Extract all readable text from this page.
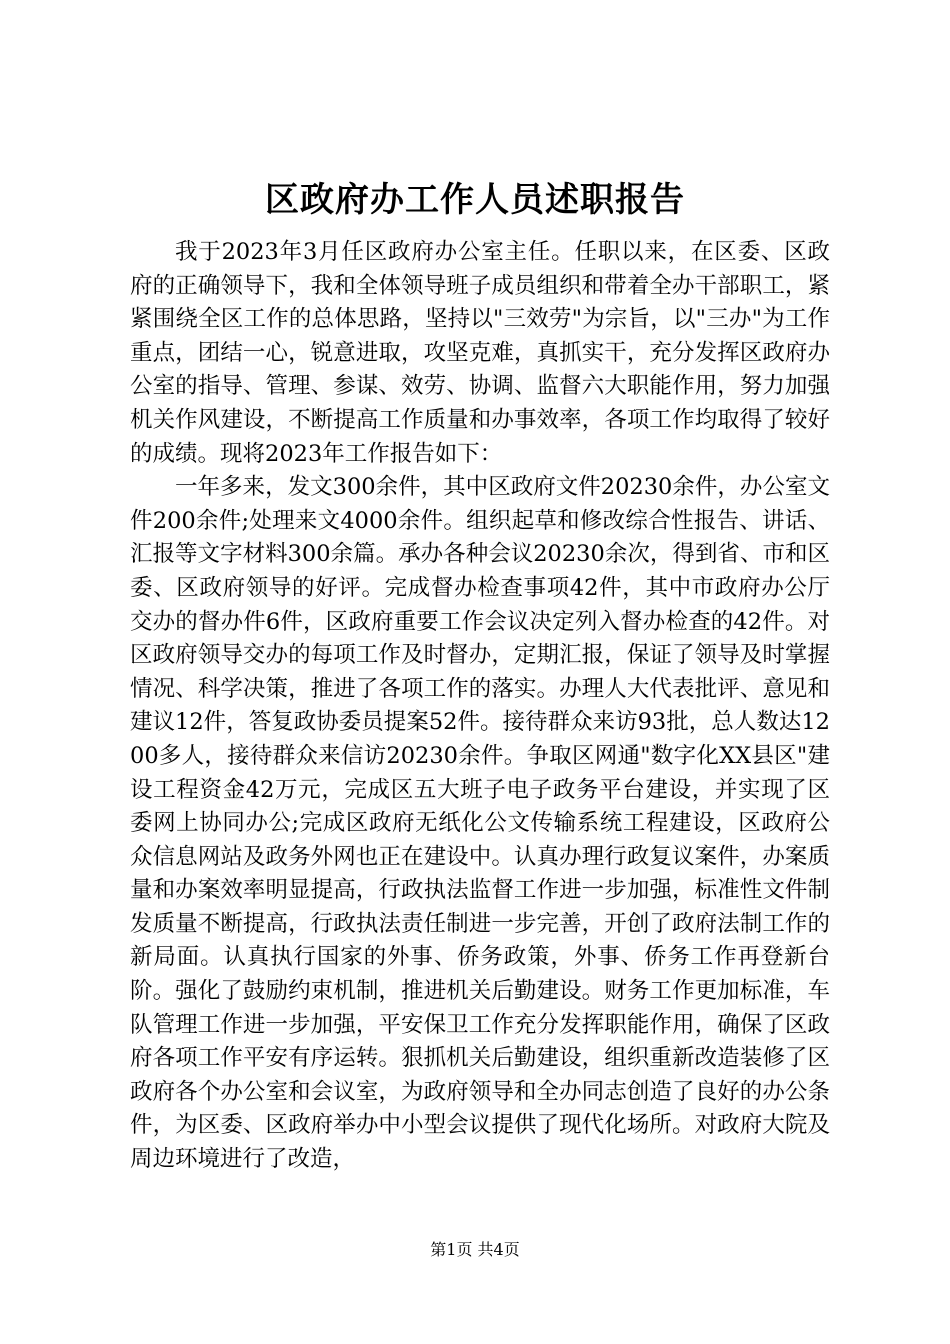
区政府办工作人员述职报告

我于2023年3月任区政府办公室主任。任职以来，在区委、区政府的正确领导下，我和全体领导班子成员组织和带着全办干部职工，紧紧围绕全区工作的总体思路，坚持以"三效劳"为宗旨，以"三办"为工作重点，团结一心，锐意进取，攻坚克难，真抓实干，充分发挥区政府办公室的指导、管理、参谋、效劳、协调、监督六大职能作用，努力加强机关作风建设，不断提高工作质量和办事效率，各项工作均取得了较好的成绩。现将2023年工作报告如下：

一年多来，发文300余件，其中区政府文件20230余件，办公室文件200余件;处理来文4000余件。组织起草和修改综合性报告、讲话、汇报等文字材料300余篇。承办各种会议20230余次，得到省、市和区委、区政府领导的好评。完成督办检查事项42件，其中市政府办公厅交办的督办件6件，区政府重要工作会议决定列入督办检查的42件。对区政府领导交办的每项工作及时督办，定期汇报，保证了领导及时掌握情况、科学决策，推进了各项工作的落实。办理人大代表批评、意见和建议12件，答复政协委员提案52件。接待群众来访93批，总人数达1200多人，接待群众来信访20230余件。争取区网通"数字化XX县区"建设工程资金42万元，完成区五大班子电子政务平台建设，并实现了区委网上协同办公;完成区政府无纸化公文传输系统工程建设，区政府公众信息网站及政务外网也正在建设中。认真办理行政复议案件，办案质量和办案效率明显提高，行政执法监督工作进一步加强，标准性文件制发质量不断提高，行政执法责任制进一步完善，开创了政府法制工作的新局面。认真执行国家的外事、侨务政策，外事、侨务工作再登新台阶。强化了鼓励约束机制，推进机关后勤建设。财务工作更加标准，车队管理工作进一步加强，平安保卫工作充分发挥职能作用，确保了区政府各项工作平安有序运转。狠抓机关后勤建设，组织重新改造装修了区政府各个办公室和会议室，为政府领导和全办同志创造了良好的办公条件，为区委、区政府举办中小型会议提供了现代化场所。对政府大院及周边环境进行了改造，

第1页 共4页
